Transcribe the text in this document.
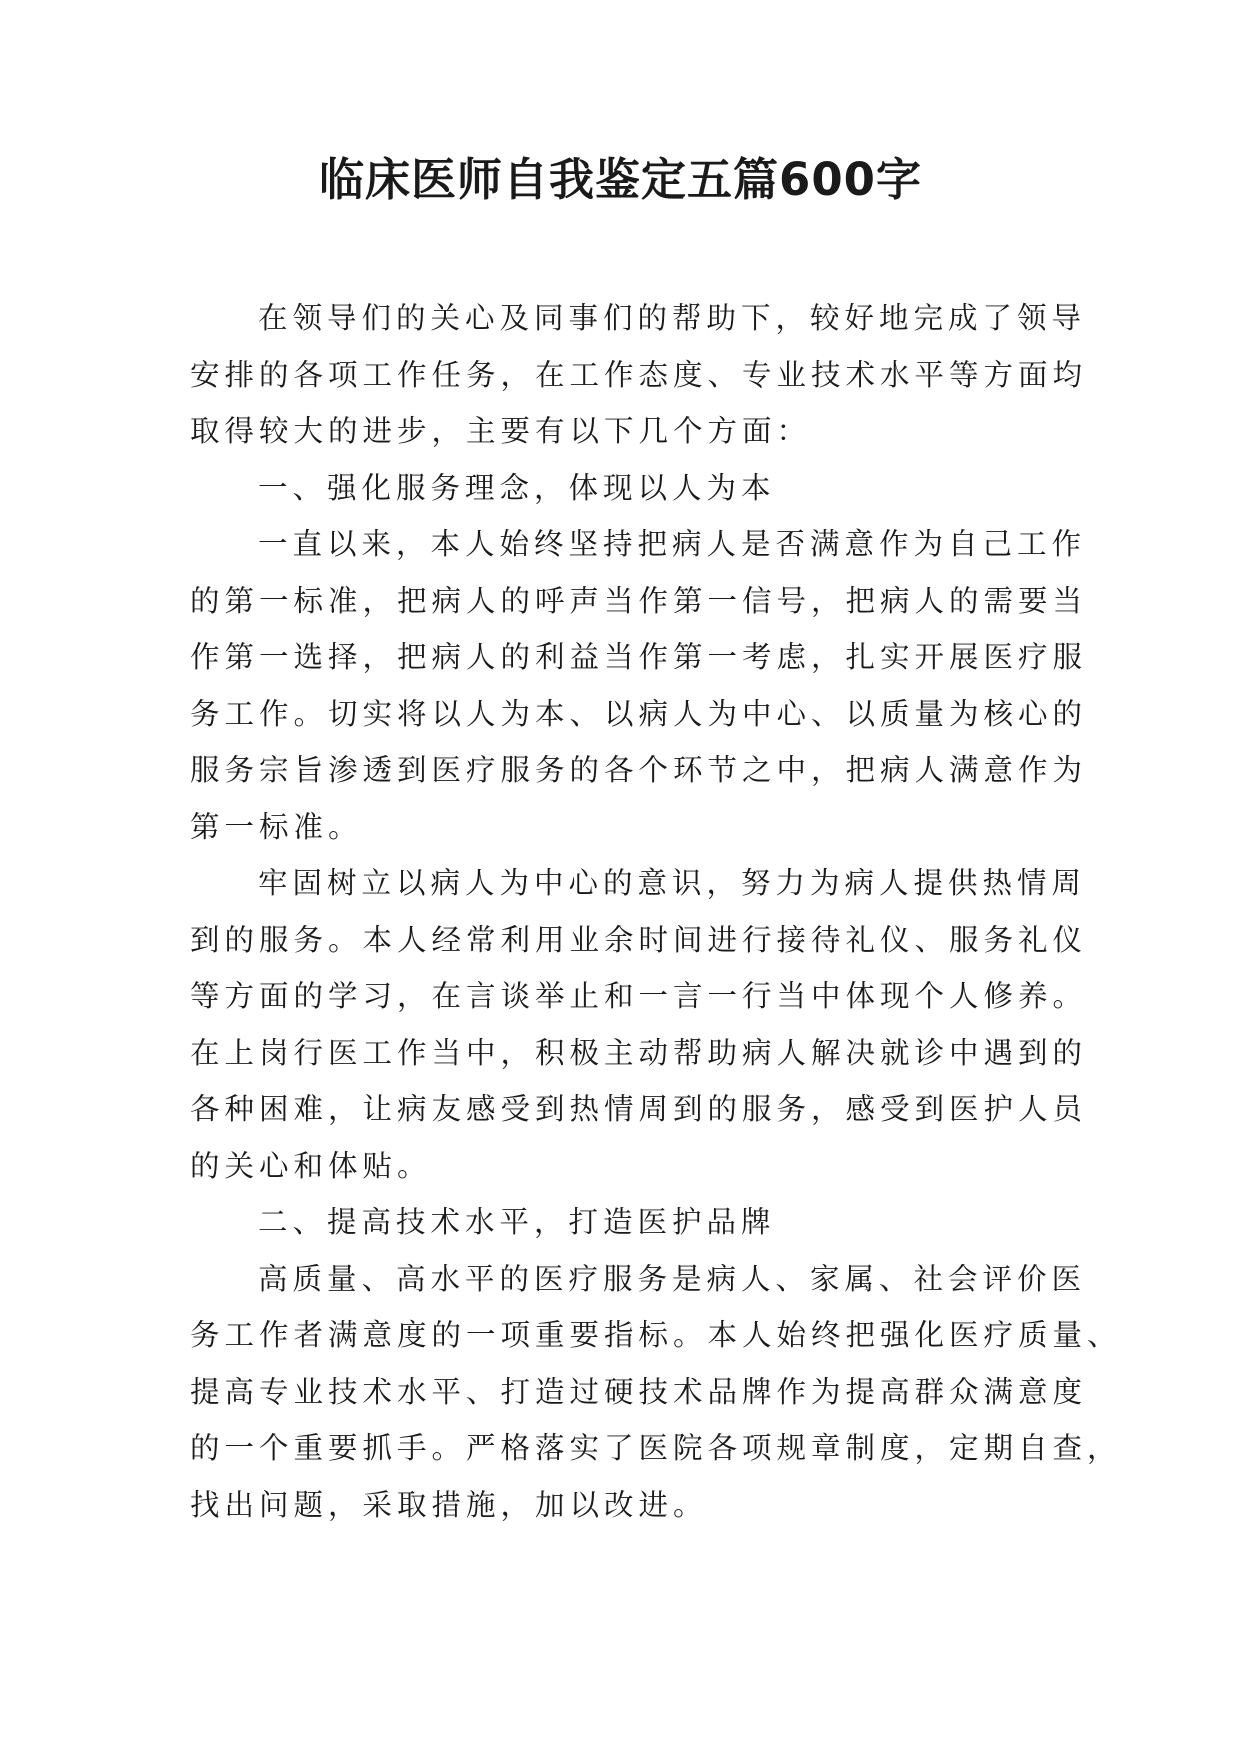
临床医师自我鉴定五篇600字
在领导们的关心及同事们的帮助下，较好地完成了领导
安排的各项工作任务，在工作态度、专业技术水平等方面均
取得较大的进步，主要有以下几个方面：
一、强化服务理念，体现以人为本
一直以来，本人始终坚持把病人是否满意作为自己工作
的第一标准，把病人的呼声当作第一信号，把病人的需要当
作第一选择，把病人的利益当作第一考虑，扎实开展医疗服
务工作。切实将以人为本、以病人为中心、以质量为核心的
服务宗旨渗透到医疗服务的各个环节之中，把病人满意作为
第一标准。
牢固树立以病人为中心的意识，努力为病人提供热情周
到的服务。本人经常利用业余时间进行接待礼仪、服务礼仪
等方面的学习，在言谈举止和一言一行当中体现个人修养。
在上岗行医工作当中，积极主动帮助病人解决就诊中遇到的
各种困难，让病友感受到热情周到的服务，感受到医护人员
的关心和体贴。
二、提高技术水平，打造医护品牌
高质量、高水平的医疗服务是病人、家属、社会评价医
务工作者满意度的一项重要指标。本人始终把强化医疗质量、
提高专业技术水平、打造过硬技术品牌作为提高群众满意度
的一个重要抓手。严格落实了医院各项规章制度，定期自查，
找出问题，采取措施，加以改进。
